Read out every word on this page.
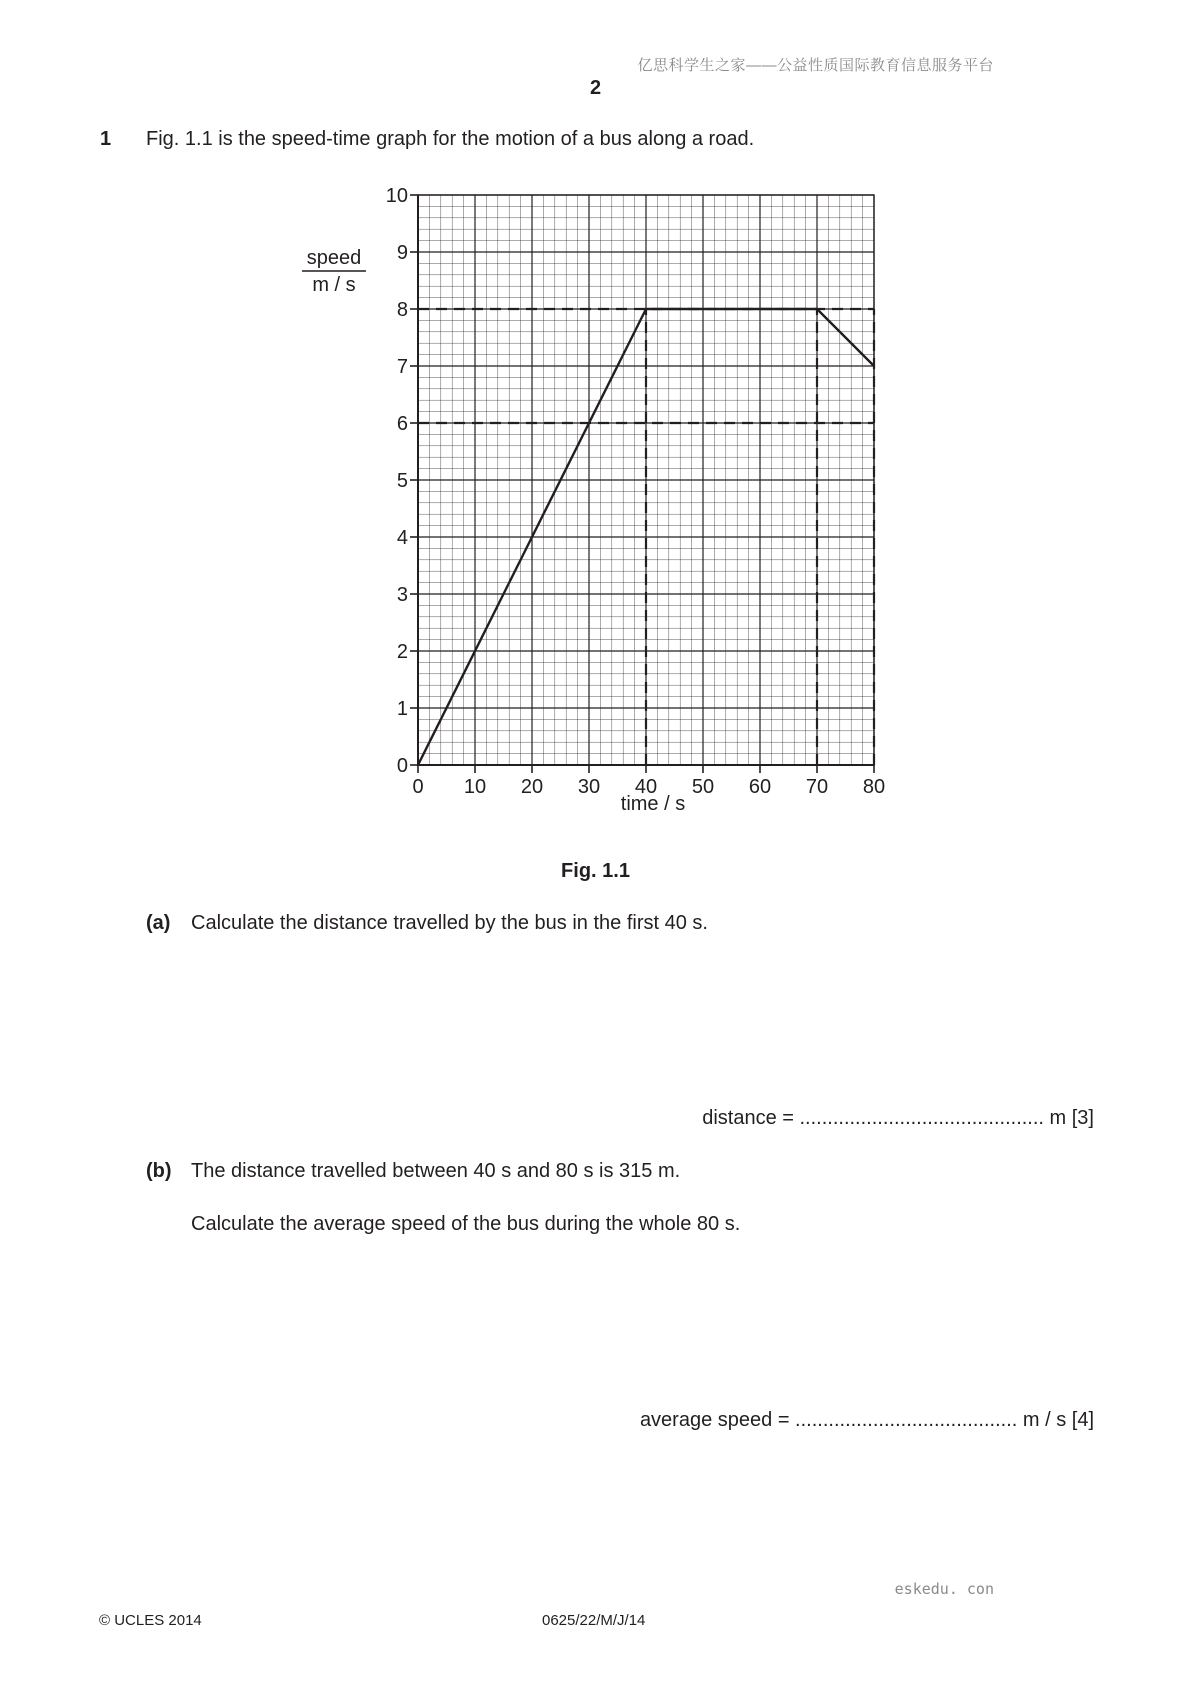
亿思科学生之家——公益性质国际教育信息服务平台
2
1 Fig. 1.1 is the speed-time graph for the motion of a bus along a road.
0
1
2
3
4
5
6
7
8
9
10
0 10 20 30 40 50 60 70 80
speed
m / s
time / s
Fig. 1.1
(a) Calculate the distance travelled by the bus in the first 40 s.
distance = ............................................ m [3]
(b) The distance travelled between 40 s and 80 s is 315 m.
Calculate the average speed of the bus during the whole 80 s.
average speed = ........................................ m / s [4]
eskedu. con
© UCLES 2014	0625/22/M/J/14
